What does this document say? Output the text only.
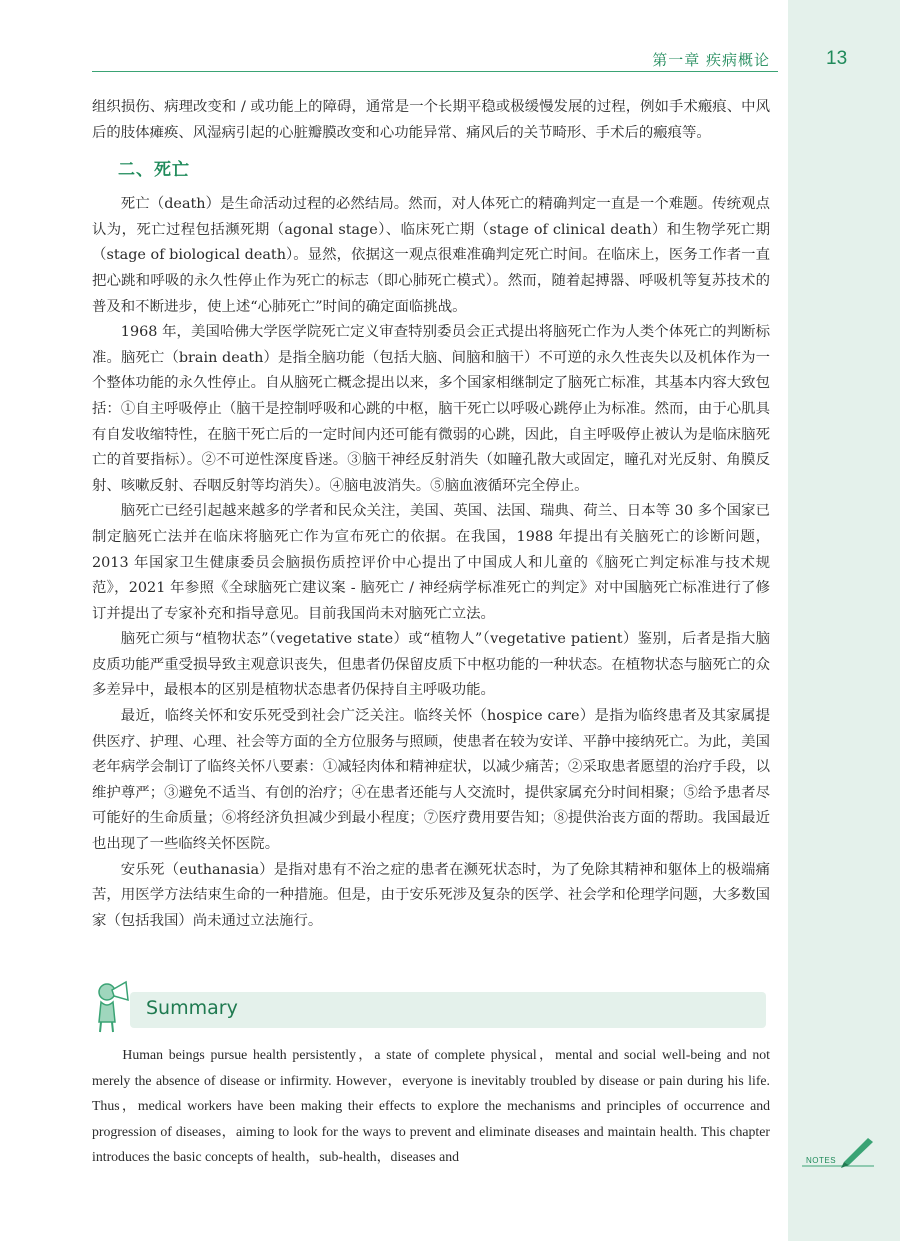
第一章 疾病概论	13

组织损伤、病理改变和 / 或功能上的障碍，通常是一个长期平稳或极缓慢发展的过程，例如手术瘢痕、中风后的肢体瘫痪、风湿病引起的心脏瓣膜改变和心功能异常、痛风后的关节畸形、手术后的瘢痕等。

二、死亡

死亡（death）是生命活动过程的必然结局。然而，对人体死亡的精确判定一直是一个难题。传统观点认为，死亡过程包括濒死期（agonal stage）、临床死亡期（stage of clinical death）和生物学死亡期（stage of biological death）。显然，依据这一观点很难准确判定死亡时间。在临床上，医务工作者一直把心跳和呼吸的永久性停止作为死亡的标志（即心肺死亡模式）。然而，随着起搏器、呼吸机等复苏技术的普及和不断进步，使上述“心肺死亡”时间的确定面临挑战。

1968 年，美国哈佛大学医学院死亡定义审查特别委员会正式提出将脑死亡作为人类个体死亡的判断标准。脑死亡（brain death）是指全脑功能（包括大脑、间脑和脑干）不可逆的永久性丧失以及机体作为一个整体功能的永久性停止。自从脑死亡概念提出以来，多个国家相继制定了脑死亡标准，其基本内容大致包括：①自主呼吸停止（脑干是控制呼吸和心跳的中枢，脑干死亡以呼吸心跳停止为标准。然而，由于心肌具有自发收缩特性，在脑干死亡后的一定时间内还可能有微弱的心跳，因此，自主呼吸停止被认为是临床脑死亡的首要指标）。②不可逆性深度昏迷。③脑干神经反射消失（如瞳孔散大或固定，瞳孔对光反射、角膜反射、咳嗽反射、吞咽反射等均消失）。④脑电波消失。⑤脑血液循环完全停止。

脑死亡已经引起越来越多的学者和民众关注，美国、英国、法国、瑞典、荷兰、日本等 30 多个国家已制定脑死亡法并在临床将脑死亡作为宣布死亡的依据。在我国，1988 年提出有关脑死亡的诊断问题，2013 年国家卫生健康委员会脑损伤质控评价中心提出了中国成人和儿童的《脑死亡判定标准与技术规范》，2021 年参照《全球脑死亡建议案 - 脑死亡 / 神经病学标准死亡的判定》对中国脑死亡标准进行了修订并提出了专家补充和指导意见。目前我国尚未对脑死亡立法。

脑死亡须与“植物状态”（vegetative state）或“植物人”（vegetative patient）鉴别，后者是指大脑皮质功能严重受损导致主观意识丧失，但患者仍保留皮质下中枢功能的一种状态。在植物状态与脑死亡的众多差异中，最根本的区别是植物状态患者仍保持自主呼吸功能。

最近，临终关怀和安乐死受到社会广泛关注。临终关怀（hospice care）是指为临终患者及其家属提供医疗、护理、心理、社会等方面的全方位服务与照顾，使患者在较为安详、平静中接纳死亡。为此，美国老年病学会制订了临终关怀八要素：①减轻肉体和精神症状，以减少痛苦；②采取患者愿望的治疗手段，以维护尊严；③避免不适当、有创的治疗；④在患者还能与人交流时，提供家属充分时间相聚；⑤给予患者尽可能好的生命质量；⑥将经济负担减少到最小程度；⑦医疗费用要告知；⑧提供治丧方面的帮助。我国最近也出现了一些临终关怀医院。

安乐死（euthanasia）是指对患有不治之症的患者在濒死状态时，为了免除其精神和躯体上的极端痛苦，用医学方法结束生命的一种措施。但是，由于安乐死涉及复杂的医学、社会学和伦理学问题，大多数国家（包括我国）尚未通过立法施行。

Summary

Human beings pursue health persistently，a state of complete physical，mental and social well-being and not merely the absence of disease or infirmity. However，everyone is inevitably troubled by disease or pain during his life. Thus，medical workers have been making their effects to explore the mechanisms and principles of occurrence and progression of diseases，aiming to look for the ways to prevent and eliminate diseases and maintain health. This chapter introduces the basic concepts of health，sub-health，diseases and	NOTES
